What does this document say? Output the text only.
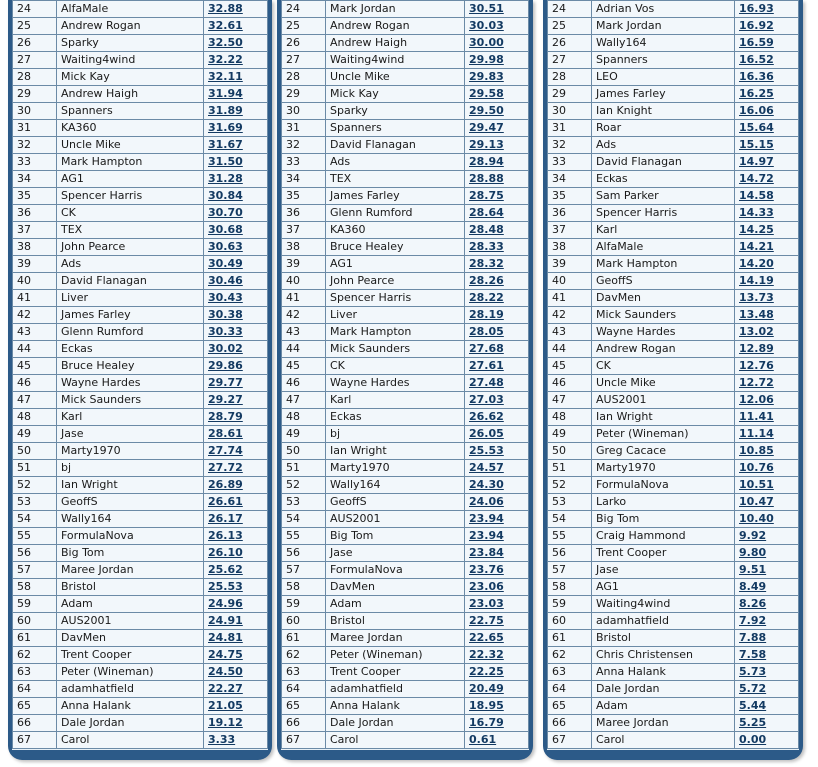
24	AlfaMale	32.88
25	Andrew Rogan	32.61
26	Sparky	32.50
27	Waiting4wind	32.22
28	Mick Kay	32.11
29	Andrew Haigh	31.94
30	Spanners	31.89
31	KA360	31.69
32	Uncle Mike	31.67
33	Mark Hampton	31.50
34	AG1	31.28
35	Spencer Harris	30.84
36	CK	30.70
37	TEX	30.68
38	John Pearce	30.63
39	Ads	30.49
40	David Flanagan	30.46
41	Liver	30.43
42	James Farley	30.38
43	Glenn Rumford	30.33
44	Eckas	30.02
45	Bruce Healey	29.86
46	Wayne Hardes	29.77
47	Mick Saunders	29.27
48	Karl	28.79
49	Jase	28.61
50	Marty1970	27.74
51	bj	27.72
52	Ian Wright	26.89
53	GeoffS	26.61
54	Wally164	26.17
55	FormulaNova	26.13
56	Big Tom	26.10
57	Maree Jordan	25.62
58	Bristol	25.53
59	Adam	24.96
60	AUS2001	24.91
61	DavMen	24.81
62	Trent Cooper	24.75
63	Peter (Wineman)	24.50
64	adamhatfield	22.27
65	Anna Halank	21.05
66	Dale Jordan	19.12
67	Carol	3.33
24	Mark Jordan	30.51
25	Andrew Rogan	30.03
26	Andrew Haigh	30.00
27	Waiting4wind	29.98
28	Uncle Mike	29.83
29	Mick Kay	29.58
30	Sparky	29.50
31	Spanners	29.47
32	David Flanagan	29.13
33	Ads	28.94
34	TEX	28.88
35	James Farley	28.75
36	Glenn Rumford	28.64
37	KA360	28.48
38	Bruce Healey	28.33
39	AG1	28.32
40	John Pearce	28.26
41	Spencer Harris	28.22
42	Liver	28.19
43	Mark Hampton	28.05
44	Mick Saunders	27.68
45	CK	27.61
46	Wayne Hardes	27.48
47	Karl	27.03
48	Eckas	26.62
49	bj	26.05
50	Ian Wright	25.53
51	Marty1970	24.57
52	Wally164	24.30
53	GeoffS	24.06
54	AUS2001	23.94
55	Big Tom	23.94
56	Jase	23.84
57	FormulaNova	23.76
58	DavMen	23.06
59	Adam	23.03
60	Bristol	22.75
61	Maree Jordan	22.65
62	Peter (Wineman)	22.32
63	Trent Cooper	22.25
64	adamhatfield	20.49
65	Anna Halank	18.95
66	Dale Jordan	16.79
67	Carol	0.61
24	Adrian Vos	16.93
25	Mark Jordan	16.92
26	Wally164	16.59
27	Spanners	16.52
28	LEO	16.36
29	James Farley	16.25
30	Ian Knight	16.06
31	Roar	15.64
32	Ads	15.15
33	David Flanagan	14.97
34	Eckas	14.72
35	Sam Parker	14.58
36	Spencer Harris	14.33
37	Karl	14.25
38	AlfaMale	14.21
39	Mark Hampton	14.20
40	GeoffS	14.19
41	DavMen	13.73
42	Mick Saunders	13.48
43	Wayne Hardes	13.02
44	Andrew Rogan	12.89
45	CK	12.76
46	Uncle Mike	12.72
47	AUS2001	12.06
48	Ian Wright	11.41
49	Peter (Wineman)	11.14
50	Greg Cacace	10.85
51	Marty1970	10.76
52	FormulaNova	10.51
53	Larko	10.47
54	Big Tom	10.40
55	Craig Hammond	9.92
56	Trent Cooper	9.80
57	Jase	9.51
58	AG1	8.49
59	Waiting4wind	8.26
60	adamhatfield	7.92
61	Bristol	7.88
62	Chris Christensen	7.58
63	Anna Halank	5.73
64	Dale Jordan	5.72
65	Adam	5.44
66	Maree Jordan	5.25
67	Carol	0.00
